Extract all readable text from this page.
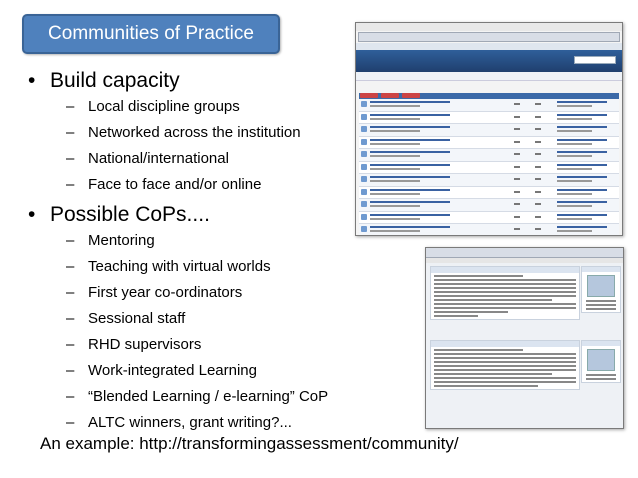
Communities of Practice
• Build capacity
– Local discipline groups
– Networked across the institution
– National/international
– Face to face and/or online
• Possible CoPs....
– Mentoring
– Teaching with virtual worlds
– First year co-ordinators
– Sessional staff
– RHD supervisors
– Work-integrated Learning
– “Blended Learning / e-learning” CoP
– ALTC winners, grant writing?...
An example: http://transformingassessment/community/
